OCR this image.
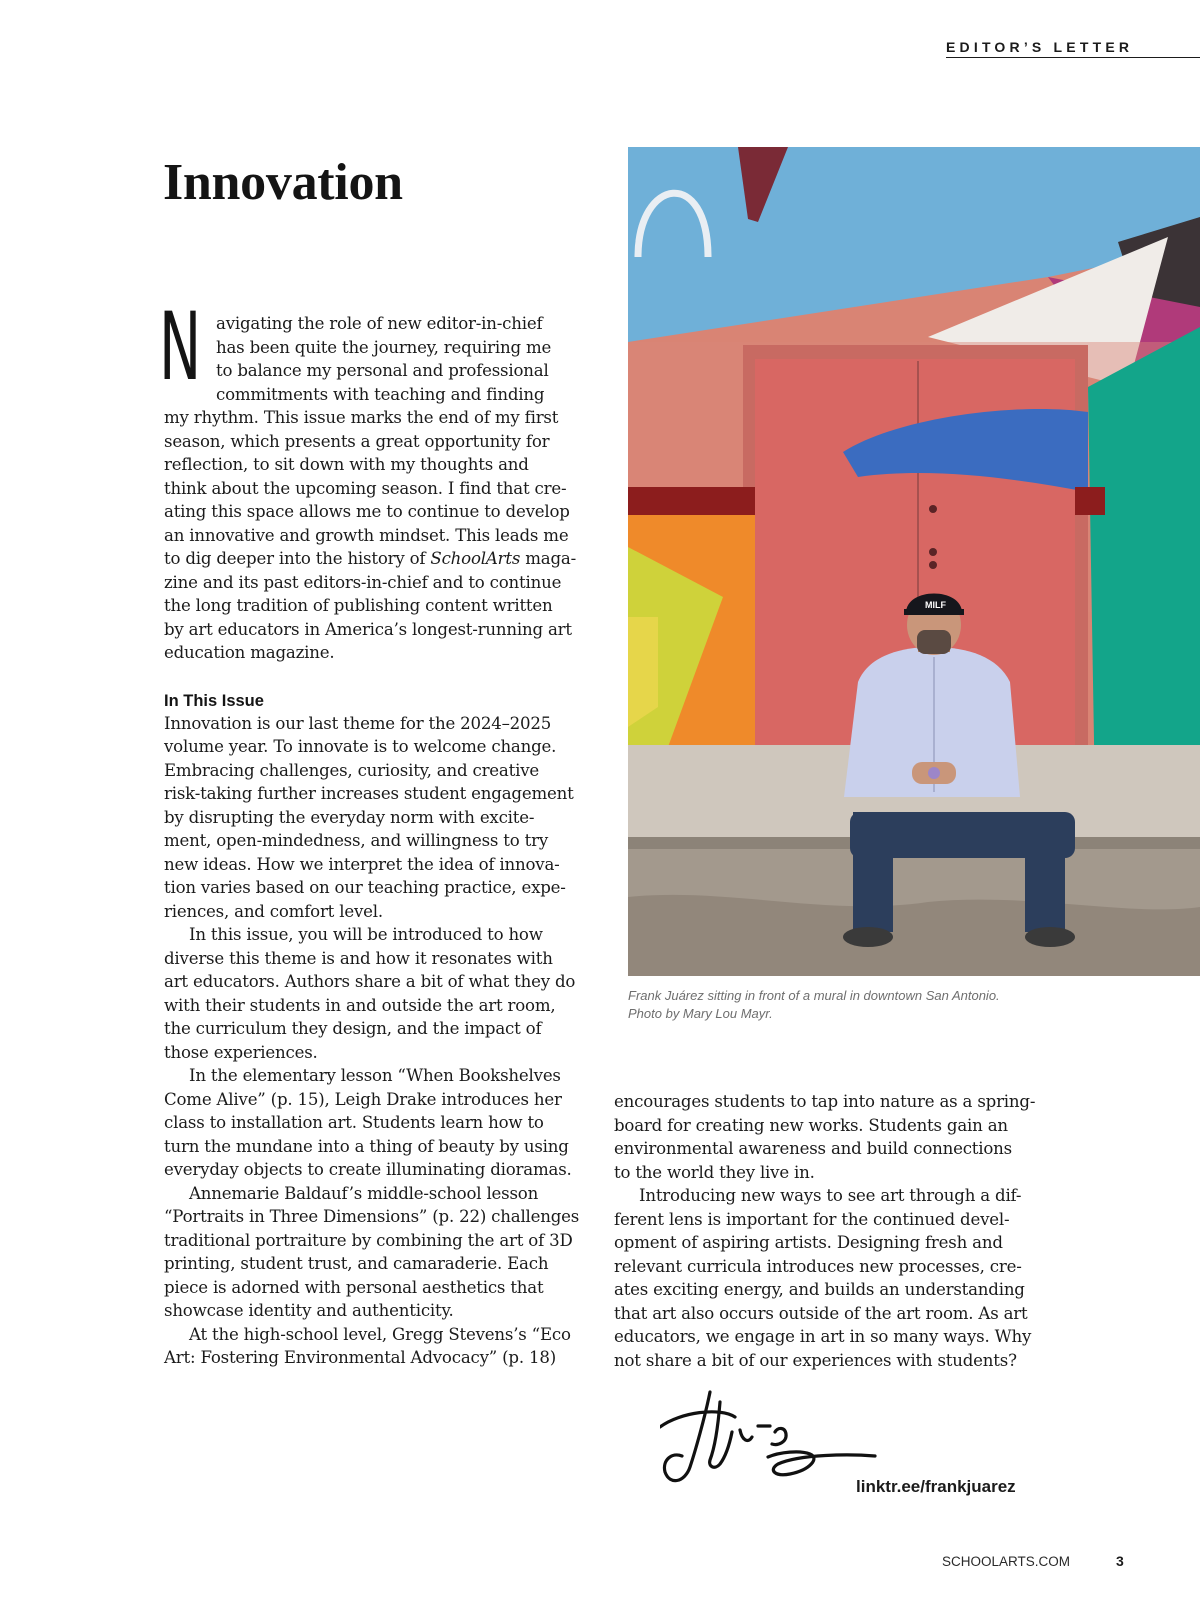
EDITOR’S LETTER
Innovation
N avigating the role of new editor-in-chief
has been quite the journey, requiring me
to balance my personal and professional
commitments with teaching and finding
my rhythm. This issue marks the end of my first
season, which presents a great opportunity for
reflection, to sit down with my thoughts and
think about the upcoming season. I find that cre-
ating this space allows me to continue to develop
an innovative and growth mindset. This leads me
to dig deeper into the history of SchoolArts maga-
zine and its past editors-in-chief and to continue
the long tradition of publishing content written
by art educators in America’s longest-running art
education magazine.
Innovation is our last theme for the 2024–2025
volume year. To innovate is to welcome change.
Embracing challenges, curiosity, and creative
risk-taking further increases student engagement
by disrupting the everyday norm with excite-
ment, open-mindedness, and willingness to try
new ideas. How we interpret the idea of innova-
tion varies based on our teaching practice, expe-
riences, and comfort level.
In this issue, you will be introduced to how
diverse this theme is and how it resonates with
art educators. Authors share a bit of what they do
with their students in and outside the art room,
the curriculum they design, and the impact of
those experiences.
In the elementary lesson “When Bookshelves
Come Alive” (p. 15), Leigh Drake introduces her
class to installation art. Students learn how to
turn the mundane into a thing of beauty by using
everyday objects to create illuminating dioramas.
Annemarie Baldauf’s middle-school lesson
“Portraits in Three Dimensions” (p. 22) challenges
traditional portraiture by combining the art of 3D
printing, student trust, and camaraderie. Each
piece is adorned with personal aesthetics that
showcase identity and authenticity.
At the high-school level, Gregg Stevens’s “Eco
Art: Fostering Environmental Advocacy” (p. 18)
In This Issue
MILF
Frank Juárez sitting in front of a mural in downtown San Antonio.
Photo by Mary Lou Mayr.
encourages students to tap into nature as a spring-
board for creating new works. Students gain an
environmental awareness and build connections
to the world they live in.
Introducing new ways to see art through a dif-
ferent lens is important for the continued devel-
opment of aspiring artists. Designing fresh and
relevant curricula introduces new processes, cre-
ates exciting energy, and builds an understanding
that art also occurs outside of the art room. As art
educators, we engage in art in so many ways. Why
not share a bit of our experiences with students?
linktr.ee/frankjuarez
SCHOOLARTS.COM	3
